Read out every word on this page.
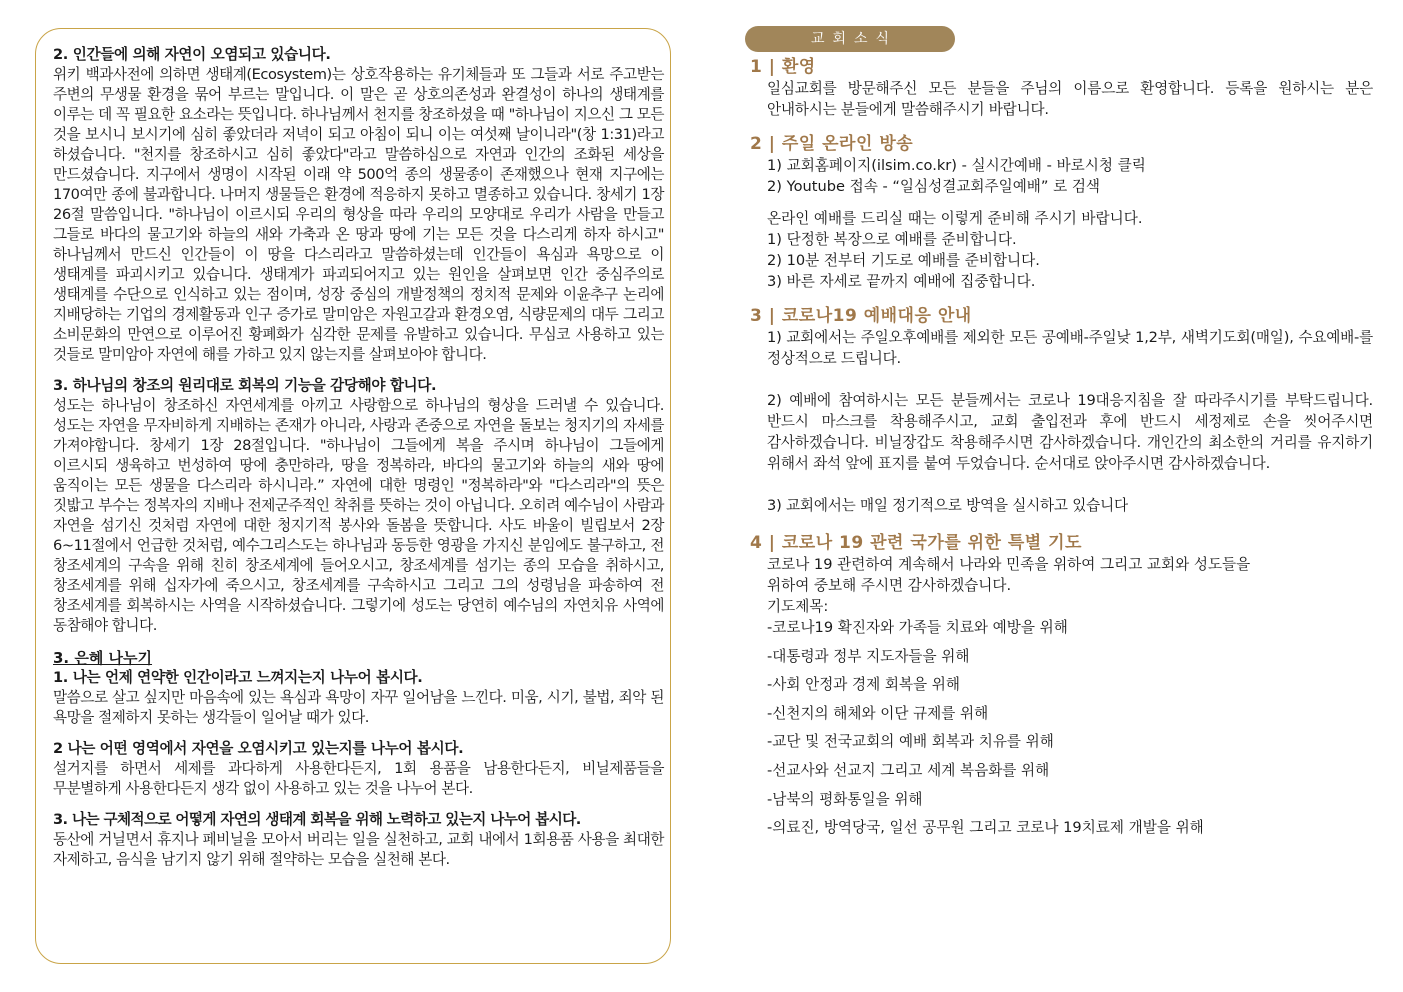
2. 인간들에 의해 자연이 오염되고 있습니다.
위키 백과사전에 의하면 생태계(Ecosystem)는 상호작용하는 유기체들과 또 그들과 서로 주고받는 주변의 무생물 환경을 묶어 부르는 말입니다. 이 말은 곧 상호의존성과 완결성이 하나의 생태계를 이루는 데 꼭 필요한 요소라는 뜻입니다. 하나님께서 천지를 창조하셨을 때 "하나님이 지으신 그 모든 것을 보시니 보시기에 심히 좋았더라 저녁이 되고 아침이 되니 이는 여섯째 날이니라"(창 1:31)라고 하셨습니다. "천지를 창조하시고 심히 좋았다"라고 말씀하심으로 자연과 인간의 조화된 세상을 만드셨습니다. 지구에서 생명이 시작된 이래 약 500억 종의 생물종이 존재했으나 현재 지구에는 170여만 종에 불과합니다. 나머지 생물들은 환경에 적응하지 못하고 멸종하고 있습니다. 창세기 1장 26절 말씀입니다. "하나님이 이르시되 우리의 형상을 따라 우리의 모양대로 우리가 사람을 만들고 그들로 바다의 물고기와 하늘의 새와 가축과 온 땅과 땅에 기는 모든 것을 다스리게 하자 하시고" 하나님께서 만드신 인간들이 이 땅을 다스리라고 말씀하셨는데 인간들이 욕심과 욕망으로 이 생태계를 파괴시키고 있습니다. 생태계가 파괴되어지고 있는 원인을 살펴보면 인간 중심주의로 생태계를 수단으로 인식하고 있는 점이며, 성장 중심의 개발정책의 정치적 문제와 이윤추구 논리에 지배당하는 기업의 경제활동과 인구 증가로 말미암은 자원고갈과 환경오염, 식량문제의 대두 그리고 소비문화의 만연으로 이루어진 황폐화가 심각한 문제를 유발하고 있습니다. 무심코 사용하고 있는 것들로 말미암아 자연에 해를 가하고 있지 않는지를 살펴보아야 합니다.
3. 하나님의 창조의 원리대로 회복의 기능을 감당해야 합니다.
성도는 하나님이 창조하신 자연세계를 아끼고 사랑함으로 하나님의 형상을 드러낼 수 있습니다. 성도는 자연을 무자비하게 지배하는 존재가 아니라, 사랑과 존중으로 자연을 돌보는 청지기의 자세를 가져야합니다. 창세기 1장 28절입니다. "하나님이 그들에게 복을 주시며 하나님이 그들에게 이르시되 생육하고 번성하여 땅에 충만하라, 땅을 정복하라, 바다의 물고기와 하늘의 새와 땅에 움직이는 모든 생물을 다스리라 하시니라.” 자연에 대한 명령인 "정복하라"와 "다스리라"의 뜻은 짓밟고 부수는 정복자의 지배나 전제군주적인 착취를 뜻하는 것이 아닙니다. 오히려 예수님이 사람과 자연을 섬기신 것처럼 자연에 대한 청지기적 봉사와 돌봄을 뜻합니다. 사도 바울이 빌립보서 2장 6~11절에서 언급한 것처럼, 예수그리스도는 하나님과 동등한 영광을 가지신 분임에도 불구하고, 전 창조세계의 구속을 위해 친히 창조세계에 들어오시고, 창조세계를 섬기는 종의 모습을 취하시고, 창조세계를 위해 십자가에 죽으시고, 창조세계를 구속하시고 그리고 그의 성령님을 파송하여 전 창조세계를 회복하시는 사역을 시작하셨습니다. 그렇기에 성도는 당연히 예수님의 자연치유 사역에 동참해야 합니다.
3. 은혜 나누기
1. 나는 언제 연약한 인간이라고 느껴지는지 나누어 봅시다.
말씀으로 살고 싶지만 마음속에 있는 욕심과 욕망이 자꾸 일어남을 느낀다. 미움, 시기, 불법, 죄악 된 욕망을 절제하지 못하는 생각들이 일어날 때가 있다.
2 나는 어떤 영역에서 자연을 오염시키고 있는지를 나누어 봅시다.
설거지를 하면서 세제를 과다하게 사용한다든지, 1회 용품을 남용한다든지, 비닐제품들을 무분별하게 사용한다든지 생각 없이 사용하고 있는 것을 나누어 본다.
3. 나는 구체적으로 어떻게 자연의 생태계 회복을 위해 노력하고 있는지 나누어 봅시다.
동산에 거닐면서 휴지나 페비닐을 모아서 버리는 일을 실천하고, 교회 내에서 1회용품 사용을 최대한 자제하고, 음식을 남기지 않기 위해 절약하는 모습을 실천해 본다.
교회소식
1 | 환영
일심교회를 방문해주신 모든 분들을 주님의 이름으로 환영합니다. 등록을 원하시는 분은 안내하시는 분들에게 말씀해주시기 바랍니다.
2 | 주일 온라인 방송
1) 교회홈페이지(ilsim.co.kr) - 실시간예배 - 바로시청 클릭
2) Youtube 접속 - “일심성결교회주일예배” 로 검색
온라인 예배를 드리실 때는 이렇게 준비해 주시기 바랍니다.
1) 단정한 복장으로 예배를 준비합니다.
2) 10분 전부터 기도로 예배를 준비합니다.
3) 바른 자세로 끝까지 예배에 집중합니다.
3 | 코로나19 예배대응 안내
1) 교회에서는 주일오후예배를 제외한 모든 공예배-주일낮 1,2부, 새벽기도회(매일), 수요예배-를 정상적으로 드립니다.
2) 예배에 참여하시는 모든 분들께서는 코로나 19대응지침을 잘 따라주시기를 부탁드립니다. 반드시 마스크를 착용해주시고, 교회 출입전과 후에 반드시 세정제로 손을 씻어주시면 감사하겠습니다. 비닐장갑도 착용해주시면 감사하겠습니다. 개인간의 최소한의 거리를 유지하기 위해서 좌석 앞에 표지를 붙여 두었습니다. 순서대로 앉아주시면 감사하겠습니다.
3) 교회에서는 매일 정기적으로 방역을 실시하고 있습니다
4 | 코로나 19 관련 국가를 위한 특별 기도
코로나 19 관련하여 계속해서 나라와 민족을 위하여 그리고 교회와 성도들을
위하여 중보해 주시면 감사하겠습니다.
기도제목:
-코로나19 확진자와 가족들 치료와 예방을 위해
-대통령과 정부 지도자들을 위해
-사회 안정과 경제 회복을 위해
-신천지의 해체와 이단 규제를 위해
-교단 및 전국교회의 예배 회복과 치유를 위해
-선교사와 선교지 그리고 세계 복음화를 위해
-남북의 평화통일을 위해
-의료진, 방역당국, 일선 공무원 그리고 코로나 19치료제 개발을 위해
